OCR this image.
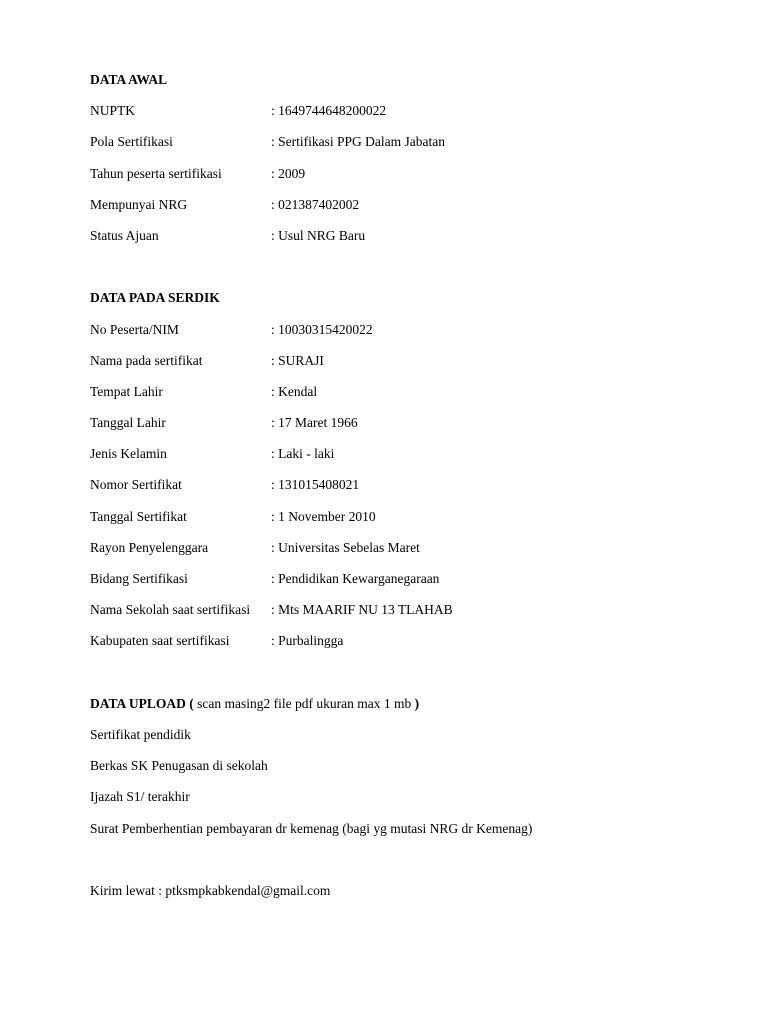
DATA AWAL
NUPTK	: 1649744648200022
Pola Sertifikasi	: Sertifikasi PPG Dalam Jabatan
Tahun peserta sertifikasi	: 2009
Mempunyai NRG	: 021387402002
Status Ajuan	: Usul NRG Baru
DATA PADA SERDIK
No Peserta/NIM	: 10030315420022
Nama pada sertifikat	: SURAJI
Tempat Lahir	: Kendal
Tanggal Lahir	: 17 Maret 1966
Jenis Kelamin	: Laki - laki
Nomor Sertifikat	: 131015408021
Tanggal Sertifikat	: 1 November 2010
Rayon Penyelenggara	: Universitas Sebelas Maret
Bidang Sertifikasi	: Pendidikan Kewarganegaraan
Nama Sekolah saat sertifikasi	: Mts MAARIF NU 13 TLAHAB
Kabupaten saat sertifikasi	: Purbalingga
DATA UPLOAD ( scan masing2 file pdf ukuran max 1 mb )
Sertifikat pendidik
Berkas SK Penugasan di sekolah
Ijazah S1/ terakhir
Surat Pemberhentian pembayaran dr kemenag (bagi yg mutasi NRG dr Kemenag)
Kirim lewat : ptksmpkabkendal@gmail.com
